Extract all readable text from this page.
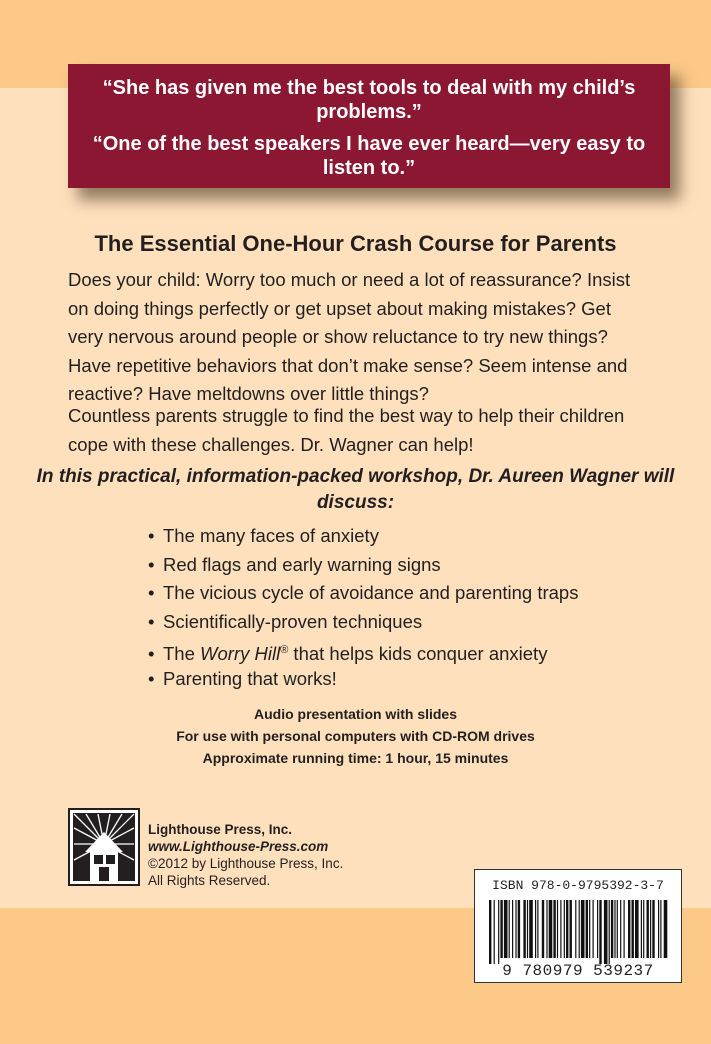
“She has given me the best tools to deal with my child’s problems.”

“One of the best speakers I have ever heard—very easy to listen to.”

The Essential One-Hour Crash Course for Parents

Does your child: Worry too much or need a lot of reassurance? Insist on doing things perfectly or get upset about making mistakes? Get very nervous around people or show reluctance to try new things? Have repetitive behaviors that don’t make sense? Seem intense and reactive? Have meltdowns over little things?

Countless parents struggle to find the best way to help their children cope with these challenges. Dr. Wagner can help!

In this practical, information-packed workshop, Dr. Aureen Wagner will discuss:

• The many faces of anxiety
• Red flags and early warning signs
• The vicious cycle of avoidance and parenting traps
• Scientifically-proven techniques
• The Worry Hill® that helps kids conquer anxiety
• Parenting that works!
Audio presentation with slides
For use with personal computers with CD-ROM drives
Approximate running time: 1 hour, 15 minutes
Lighthouse Press, Inc.
www.Lighthouse-Press.com
©2012 by Lighthouse Press, Inc.
All Rights Reserved.	ISBN 978-0-9795392-3-7
9 780979 539237
